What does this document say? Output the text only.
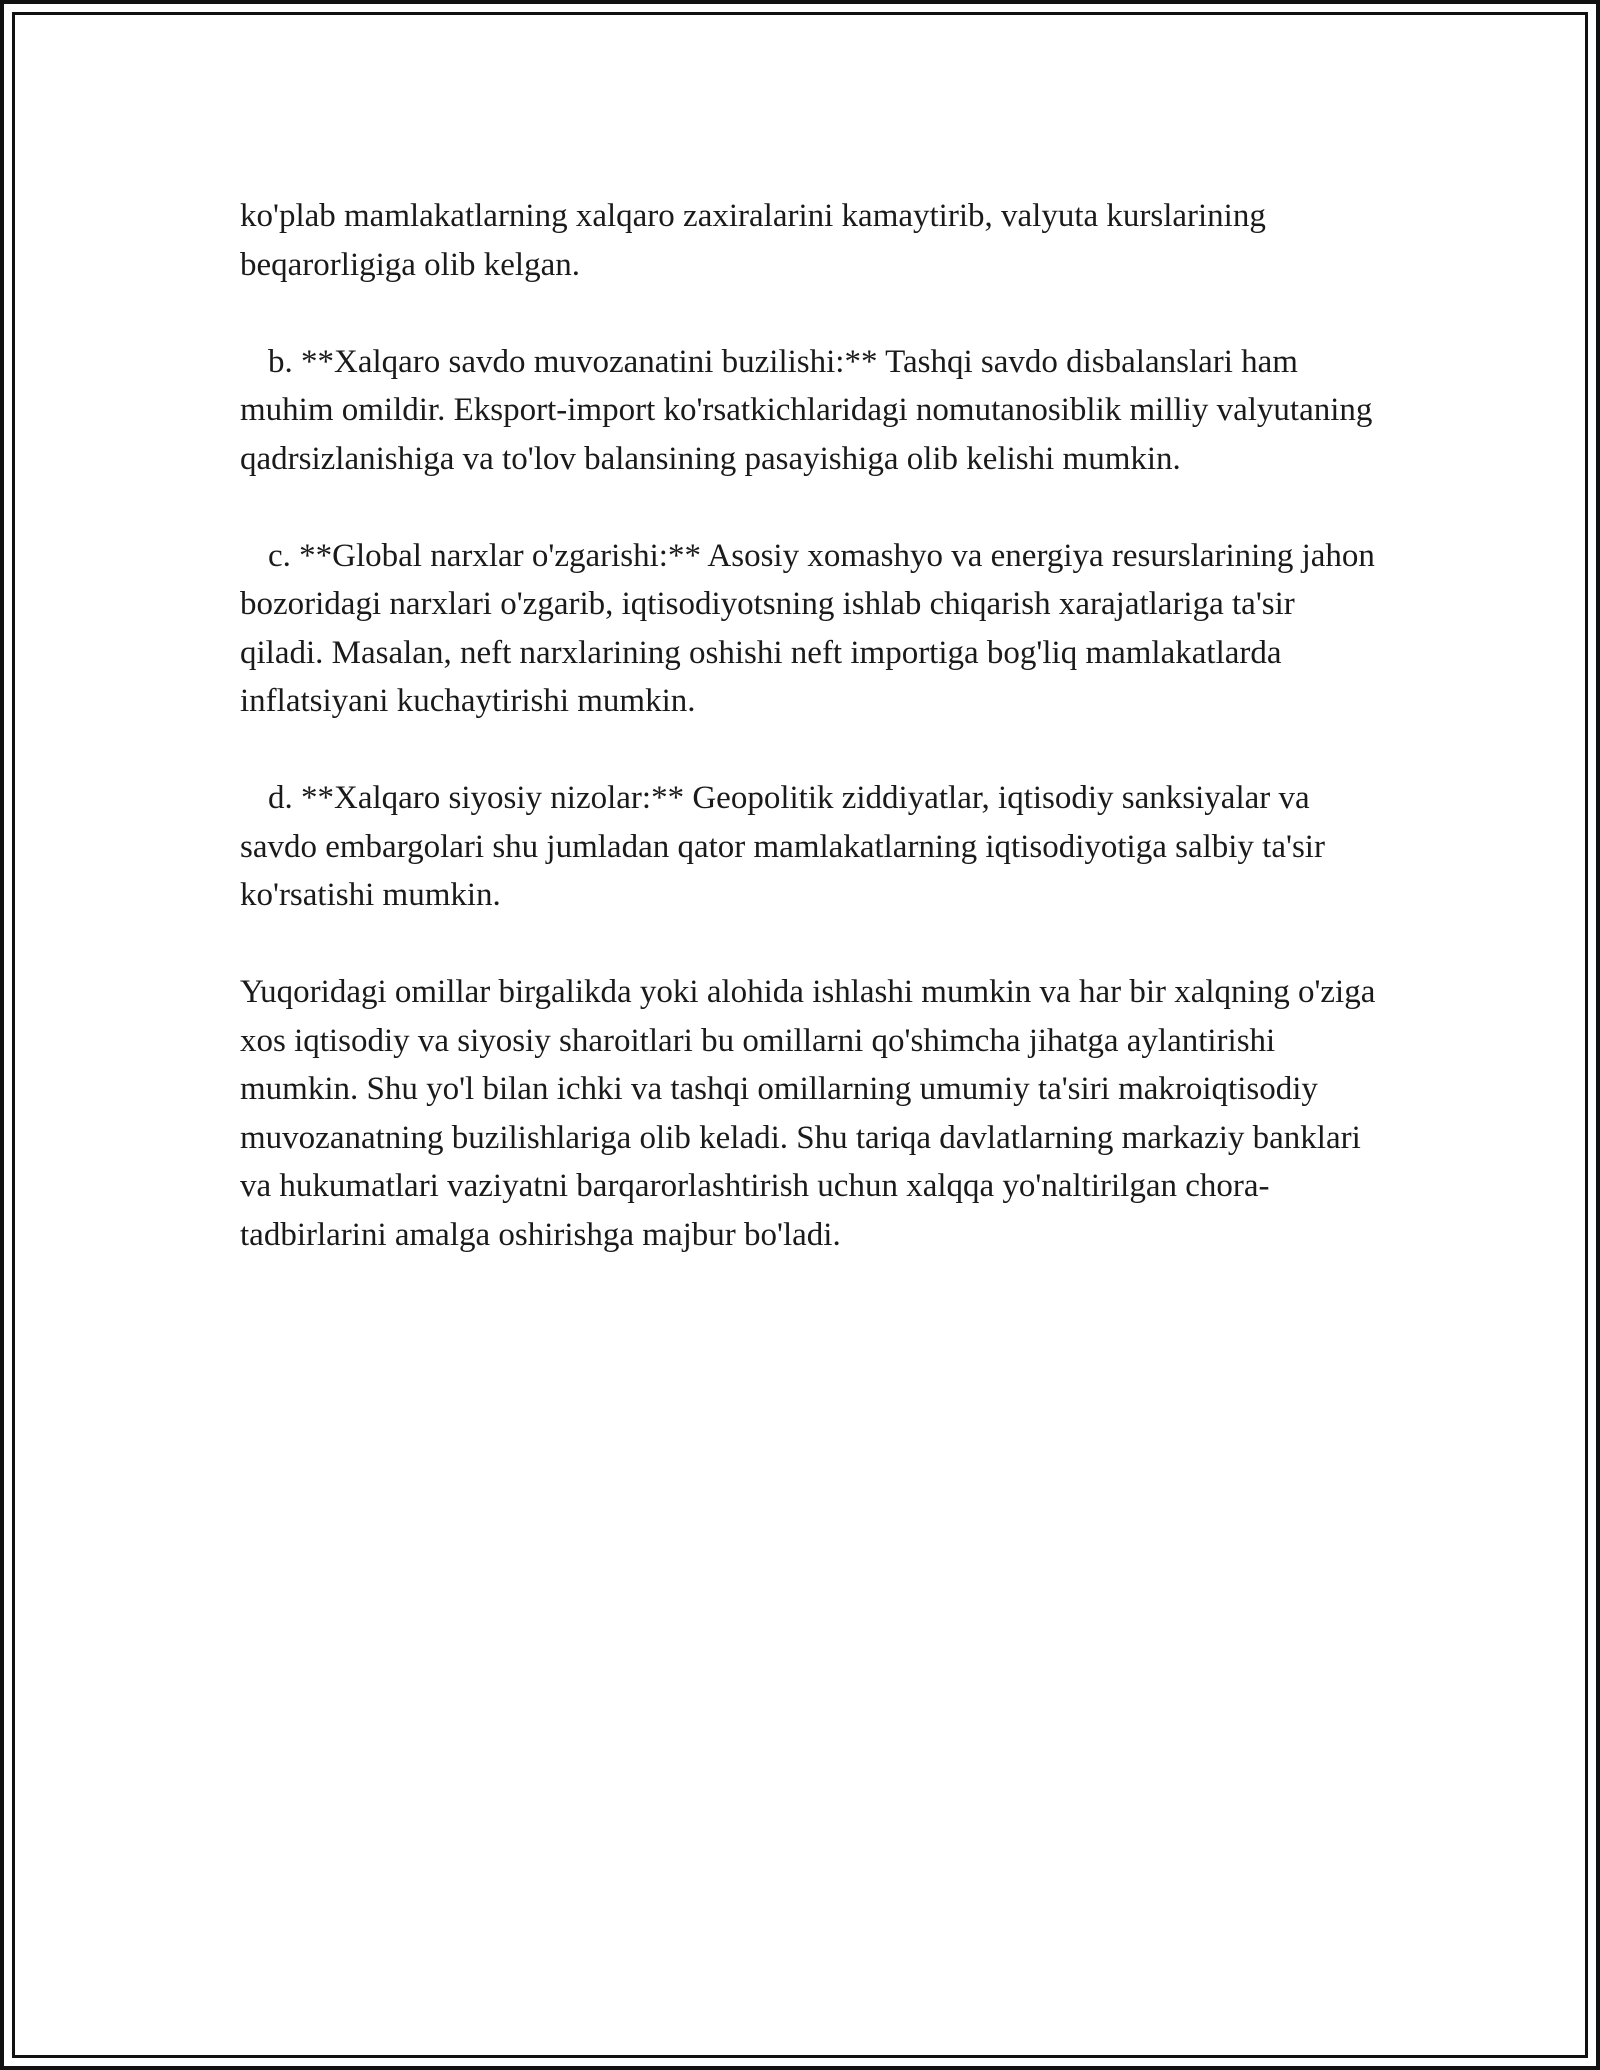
ko'plab mamlakatlarning xalqaro zaxiralarini kamaytirib, valyuta kurslarining beqarorligiga olib kelgan.

b. **Xalqaro savdo muvozanatini buzilishi:** Tashqi savdo disbalanslari ham muhim omildir. Eksport-import ko'rsatkichlaridagi nomutanosiblik milliy valyutaning qadrsizlanishiga va to'lov balansining pasayishiga olib kelishi mumkin.

c. **Global narxlar o'zgarishi:** Asosiy xomashyo va energiya resurslarining jahon bozoridagi narxlari o'zgarib, iqtisodiyotsning ishlab chiqarish xarajatlariga ta'sir qiladi. Masalan, neft narxlarining oshishi neft importiga bog'liq mamlakatlarda inflatsiyani kuchaytirishi mumkin.

d. **Xalqaro siyosiy nizolar:** Geopolitik ziddiyatlar, iqtisodiy sanksiyalar va savdo embargolari shu jumladan qator mamlakatlarning iqtisodiyotiga salbiy ta'sir ko'rsatishi mumkin.

Yuqoridagi omillar birgalikda yoki alohida ishlashi mumkin va har bir xalqning o'ziga xos iqtisodiy va siyosiy sharoitlari bu omillarni qo'shimcha jihatga aylantirishi mumkin. Shu yo'l bilan ichki va tashqi omillarning umumiy ta'siri makroiqtisodiy muvozanatning buzilishlariga olib keladi. Shu tariqa davlatlarning markaziy banklari va hukumatlari vaziyatni barqarorlashtirish uchun xalqqa yo'naltirilgan chora-tadbirlarini amalga oshirishga majbur bo'ladi.
